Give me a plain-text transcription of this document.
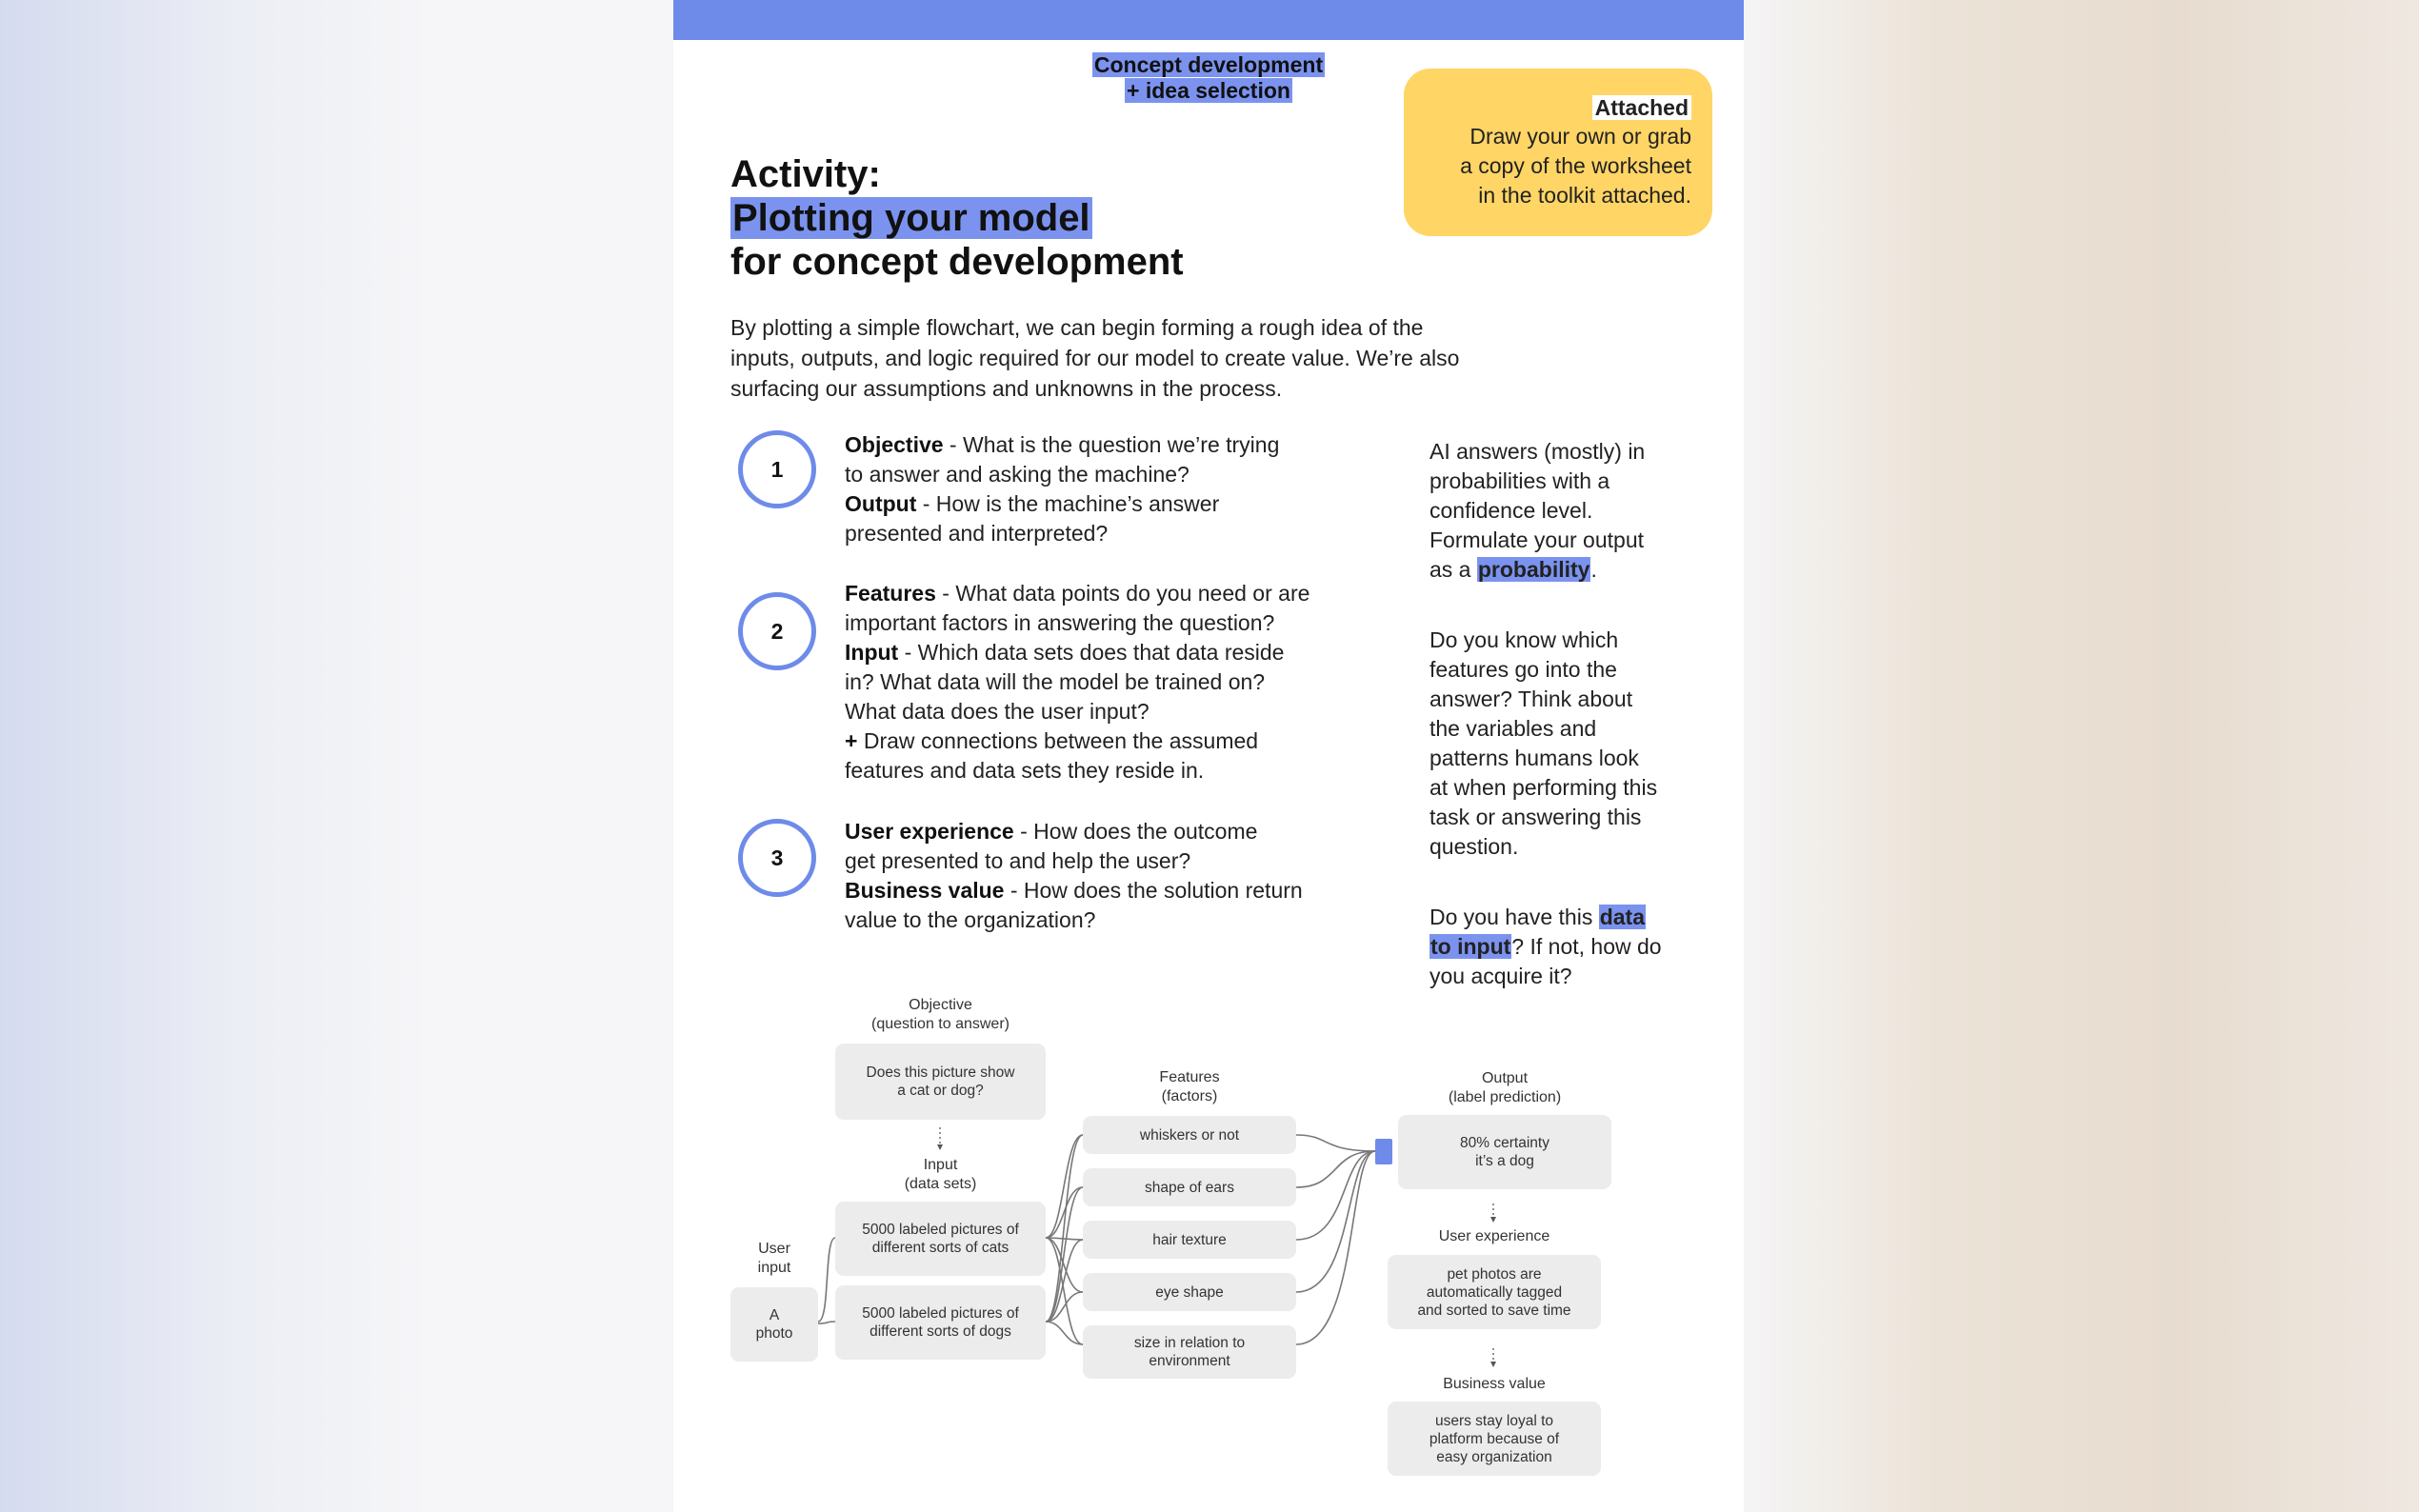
Concept development
+ idea selection
Attached
Draw your own or grab
a copy of the worksheet
in the toolkit attached.
Activity:
Plotting your model
for concept development
By plotting a simple flowchart, we can begin forming a rough idea of the
inputs, outputs, and logic required for our model to create value. We’re also
surfacing our assumptions and unknowns in the process.
1
Objective - What is the question we’re trying
to answer and asking the machine?
Output - How is the machine’s answer
presented and interpreted?
2
Features - What data points do you need or are
important factors in answering the question?
Input - Which data sets does that data reside
in? What data will the model be trained on?
What data does the user input?
+ Draw connections between the assumed
features and data sets they reside in.
3
User experience - How does the outcome
get presented to and help the user?
Business value - How does the solution return
value to the organization?
AI answers (mostly) in
probabilities with a
confidence level.
Formulate your output
as a probability.
Do you know which
features go into the
answer? Think about
the variables and
patterns humans look
at when performing this
task or answering this
question.
Do you have this data
to input? If not, how do
you acquire it?
Objective
(question to answer)
Does this picture show
a cat or dog?
Input
(data sets)
5000 labeled pictures of
different sorts of cats
5000 labeled pictures of
different sorts of dogs
User
input
A
photo
Features
(factors)
whiskers or not
shape of ears
hair texture
eye shape
size in relation to
environment
Output
(label prediction)
80% certainty
it’s a dog
User experience
pet photos are
automatically tagged
and sorted to save time
Business value
users stay loyal to
platform because of
easy organization
